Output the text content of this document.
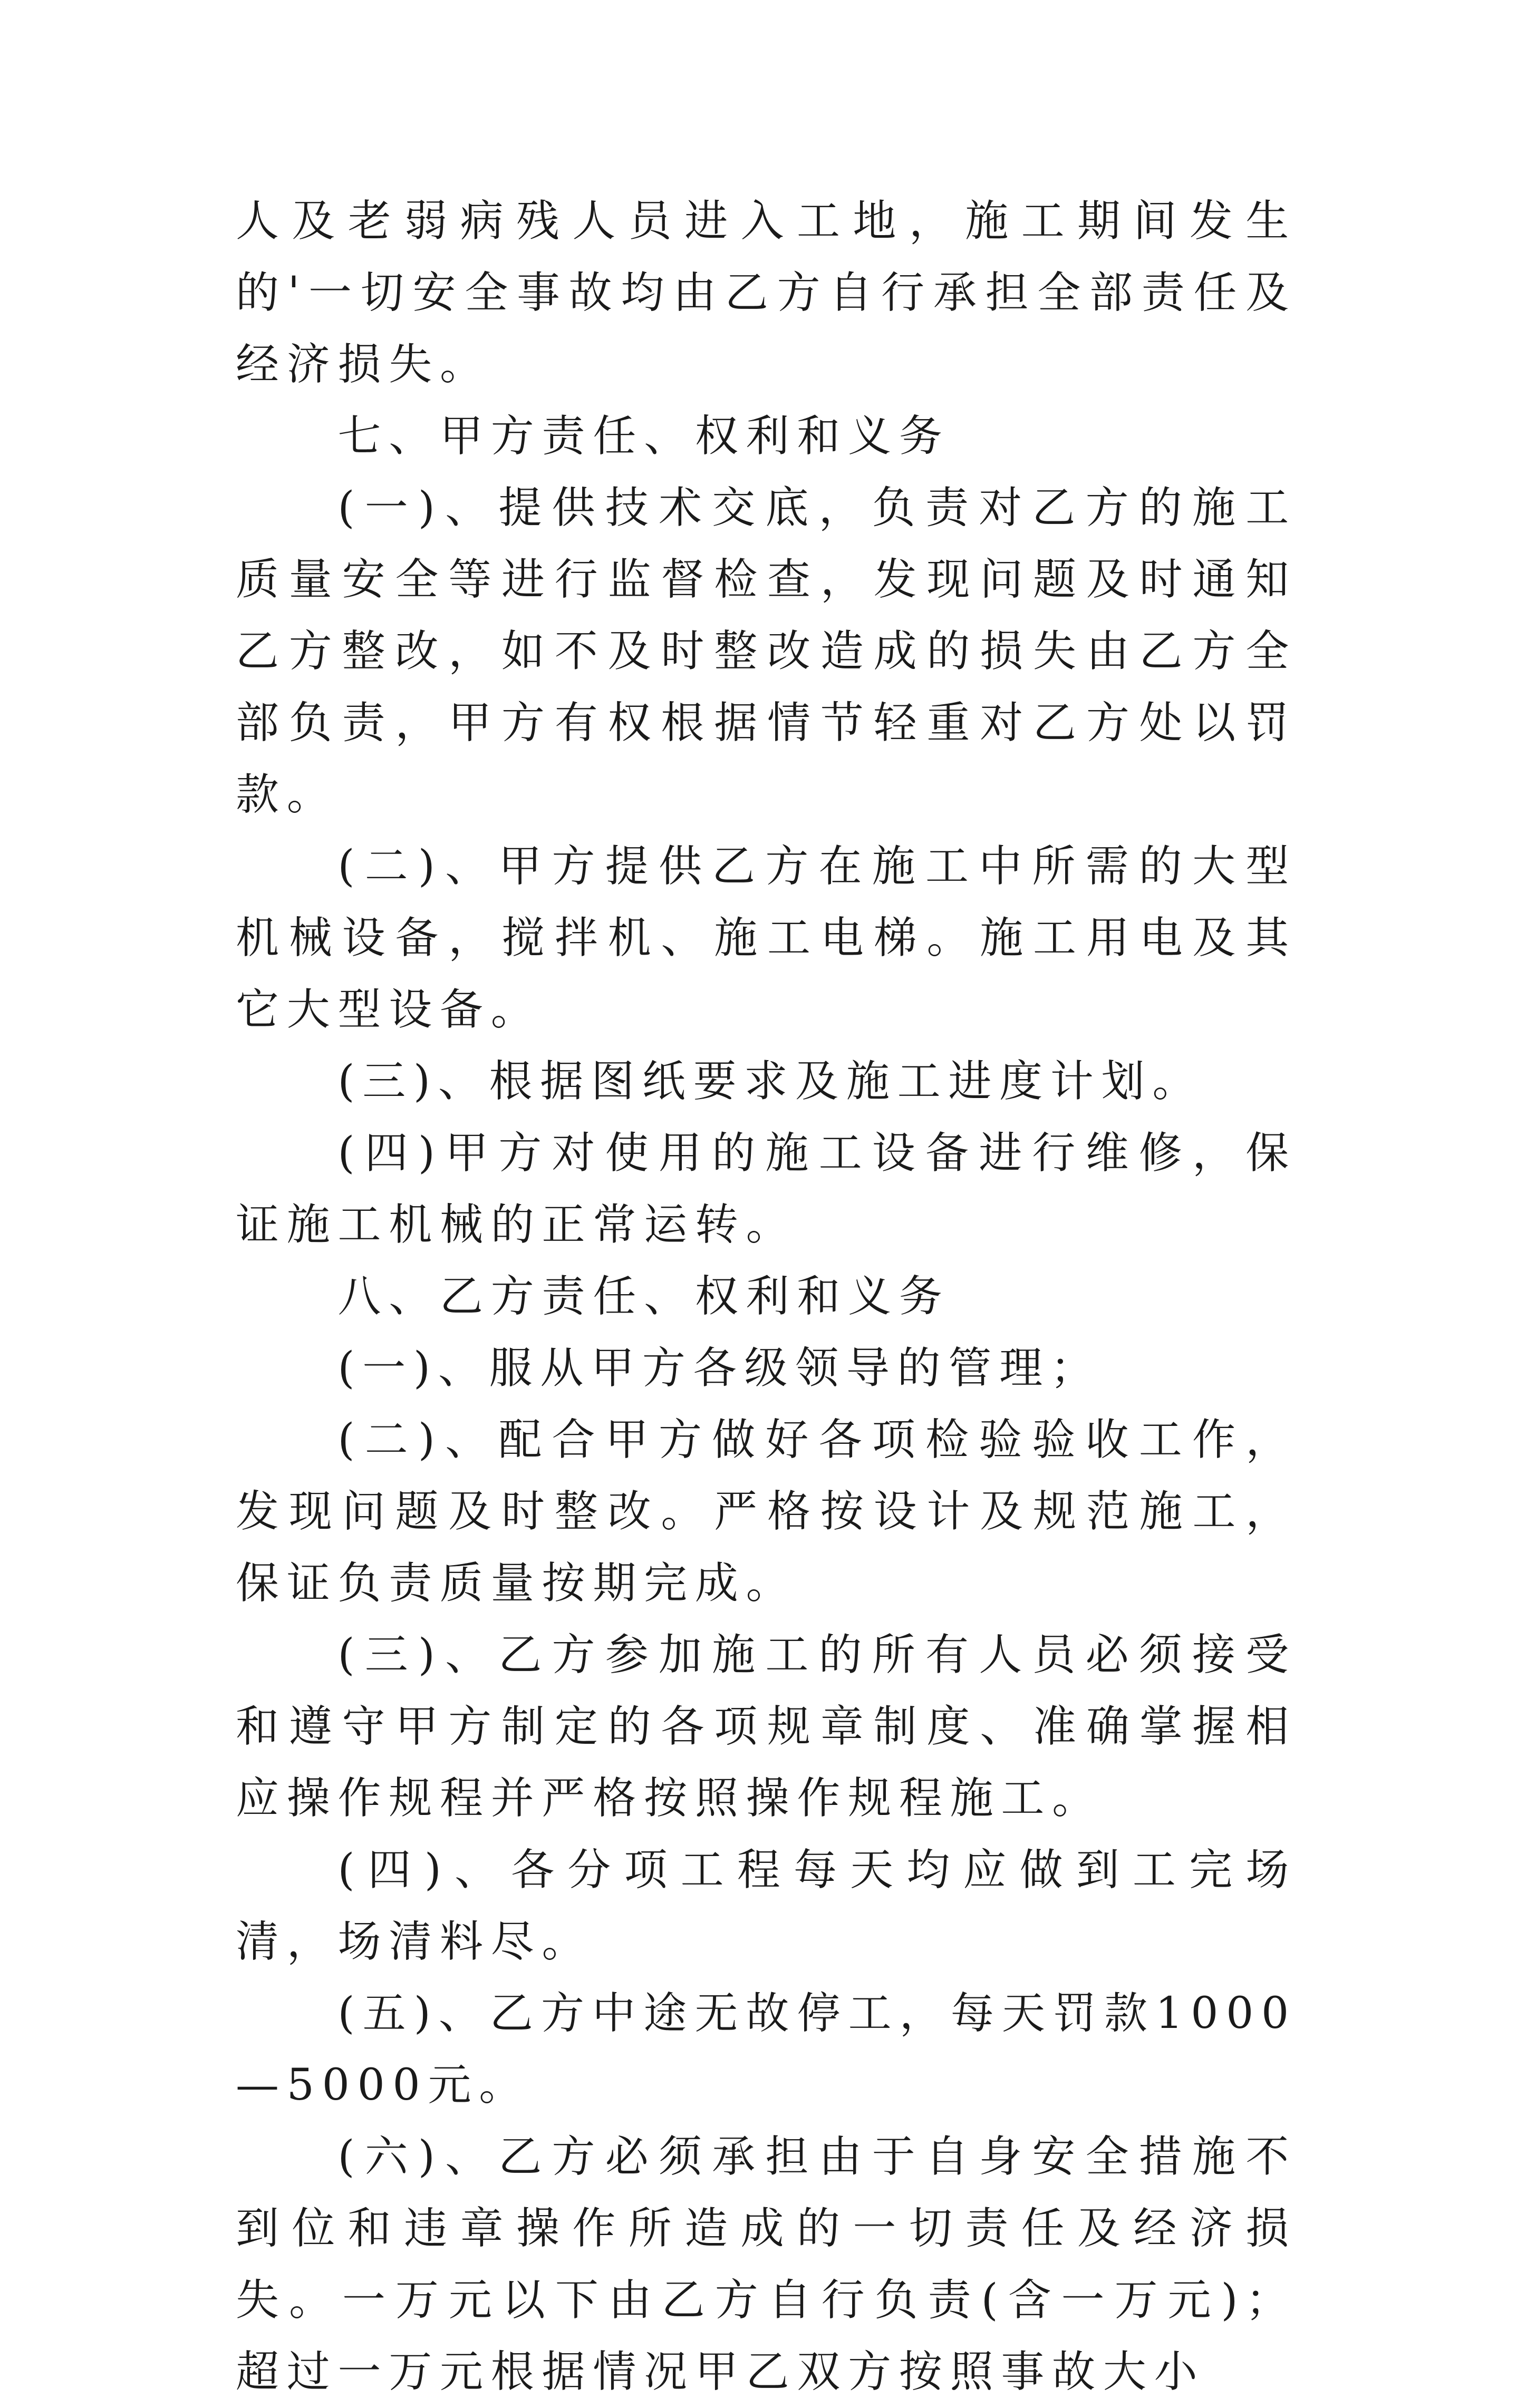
人及老弱病残人员进入工地，施工期间发生的'一切安全事故均由乙方自行承担全部责任及经济损失。

七、甲方责任、权利和义务

(一)、提供技术交底，负责对乙方的施工质量安全等进行监督检查，发现问题及时通知乙方整改，如不及时整改造成的损失由乙方全部负责，甲方有权根据情节轻重对乙方处以罚款。

(二)、甲方提供乙方在施工中所需的大型机械设备，搅拌机、施工电梯。施工用电及其它大型设备。

(三)、根据图纸要求及施工进度计划。

(四)甲方对使用的施工设备进行维修，保证施工机械的正常运转。

八、乙方责任、权利和义务

(一)、服从甲方各级领导的管理；

(二)、配合甲方做好各项检验验收工作，发现问题及时整改。严格按设计及规范施工，保证负责质量按期完成。

(三)、乙方参加施工的所有人员必须接受和遵守甲方制定的各项规章制度、准确掌握相应操作规程并严格按照操作规程施工。

(四)、各分项工程每天均应做到工完场清，场清料尽。

(五)、乙方中途无故停工，每天罚款1000—5000元。

(六)、乙方必须承担由于自身安全措施不到位和违章操作所造成的一切责任及经济损失。一万元以下由乙方自行负责(含一万元)；超过一万元根据情况甲乙双方按照事故大小
